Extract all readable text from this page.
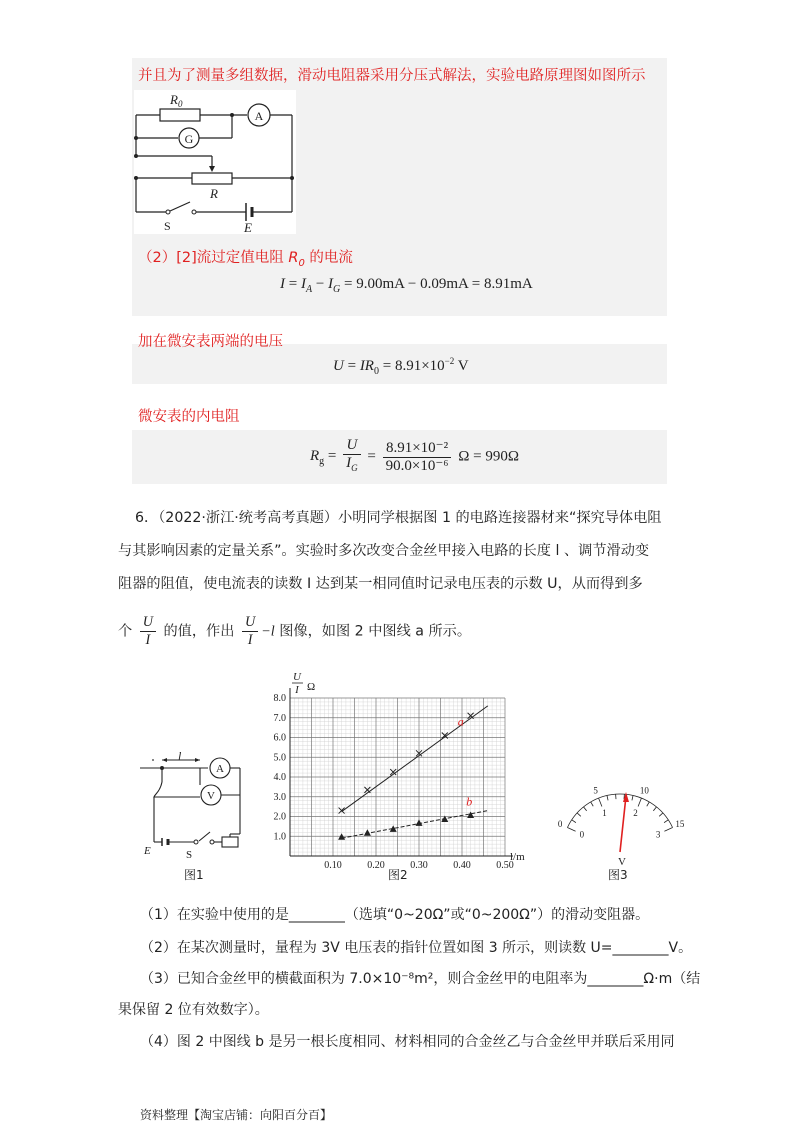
并且为了测量多组数据，滑动电阻器采用分压式解法，实验电路原理图如图所示
$R_0$
A
G
R
S	E
（2）[2]流过定值电阻 $R_0$ 的电流
$I = I_A - I_G = 9.00mA - 0.09mA = 8.91mA$
加在微安表两端的电压
$U = IR_0 = 8.91\times 10^{-2}$ V
微安表的内电阻
$R_g = \frac{U}{I_G} = \frac{\text{8.91×10⁻²}}{\text{90.0×10⁻⁶}}$ Ω = 990Ω
6．（2022·浙江·统考高考真题）小明同学根据图 1 的电路连接器材来“探究导体电阻
与其影响因素的定量关系”。实验时多次改变合金丝甲接入电路的长度 l 、调节滑动变
阻器的阻值，使电流表的读数 I 达到某一相同值时记录电压表的示数 U，从而得到多
个 $\frac{U}{I}$ 的值，作出 $\frac{U}{I} -l$ 图像，如图 2 中图线 a 所示。
l
A
V
E	S
图1
0.10	0.20	0.30	0.40	0.50
1.0
2.0
3.0
4.0
5.0
6.0
7.0
8.0
a
b
U
I Ω
l/m
图2
0
5	10
15
0
1	2
3
V
图3
（1）在实验中使用的是________（选填“0~20Ω”或“0~200Ω”）的滑动变阻器。
（2）在某次测量时，量程为 3V 电压表的指针位置如图 3 所示，则读数 U=________V。
（3）已知合金丝甲的横截面积为 7.0×10⁻⁸m²，则合金丝甲的电阻率为________Ω·m（结
果保留 2 位有效数字）。
（4）图 2 中图线 b 是另一根长度相同、材料相同的合金丝乙与合金丝甲并联后采用同
资料整理【淘宝店铺：向阳百分百】
